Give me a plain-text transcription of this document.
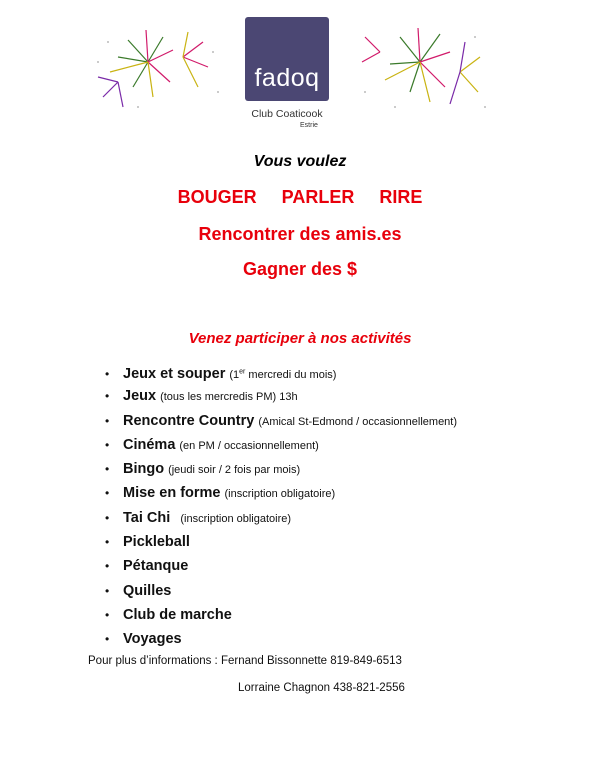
fadoq
Club Coaticook
Estrie
Vous voulez
BOUGER PARLER RIRE
Rencontrer des amis.es
Gagner des $
Venez participer à nos activités
• Jeux et souper (1er mercredi du mois)
• Jeux (tous les mercredis PM) 13h
• Rencontre Country (Amical St-Edmond / occasionnellement)
• Cinéma (en PM / occasionnellement)
• Bingo (jeudi soir / 2 fois par mois)
• Mise en forme (inscription obligatoire)
• Tai Chi  (inscription obligatoire)
• Pickleball
• Pétanque
• Quilles
• Club de marche
• Voyages
Pour plus d’informations : Fernand Bissonnette 819-849-6513
Lorraine Chagnon 438-821-2556
